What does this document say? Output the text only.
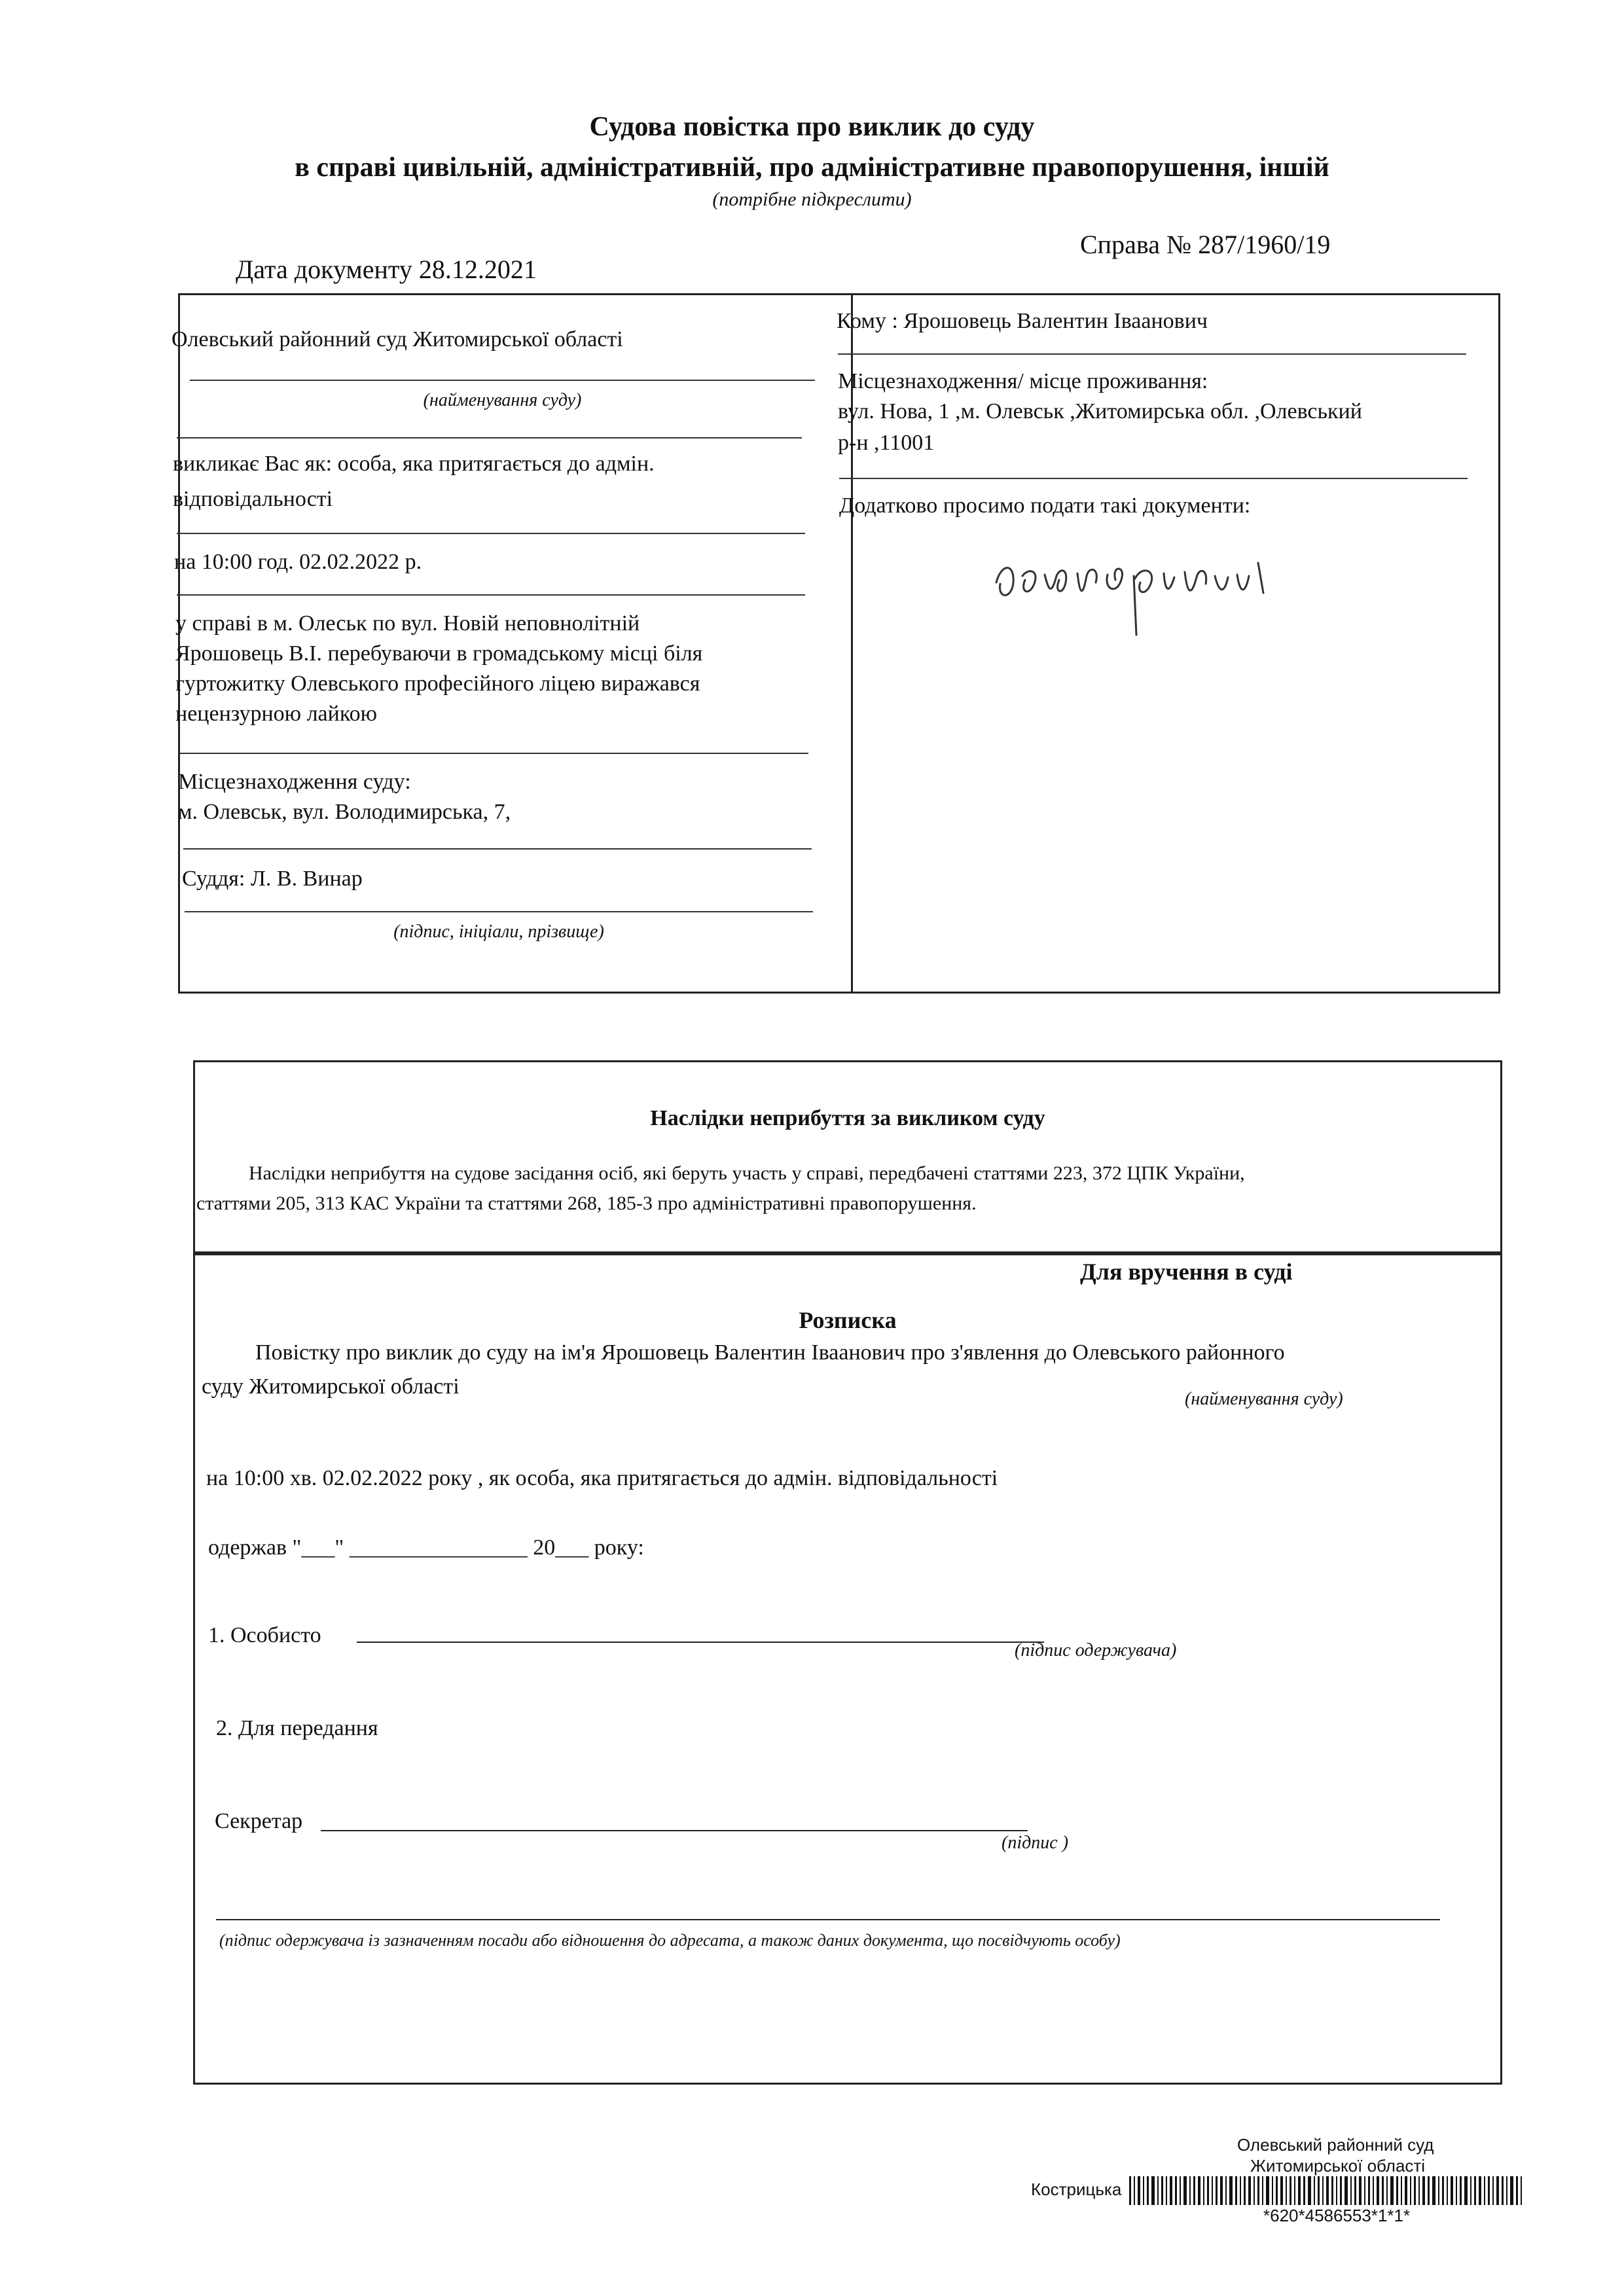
Судова повістка про виклик до суду
в справі цивільній, адміністративній, про адміністративне правопорушення, іншій
(потрібне підкреслити)
Дата документу 28.12.2021
Справа № 287/1960/19
Олевський районний суд Житомирської області
(найменування суду)
викликає Вас як: особа, яка притягається до адмін.
відповідальності
на 10:00 год. 02.02.2022 р.
у справі в м. Олеськ по вул. Новій неповнолітній
Ярошовець В.І. перебуваючи в громадському місці біля
гуртожитку Олевського професійного ліцею виражався
нецензурною лайкою
Місцезнаходження суду:
м. Олевськ, вул. Володимирська, 7,
Суддя: Л. В. Винар
(підпис, ініціали, прізвище)
Кому : Ярошовець Валентин Іваанович
Місцезнаходження/ місце проживання:
вул. Нова, 1 ,м. Олевськ ,Житомирська обл. ,Олевський
р-н ,11001
Додатково просимо подати такі документи:
Наслідки неприбуття за викликом суду
Наслідки неприбуття на судове засідання осіб, які беруть участь у справі, передбачені статтями 223, 372 ЦПК України,
статтями 205, 313 КАС України та статтями 268, 185-3 про адміністративні правопорушення.
Для вручення в суді
Розписка
Повістку про виклик до суду на ім'я Ярошовець Валентин Іваанович про з'явлення до Олевського районного
суду Житомирської області
(найменування суду)
на 10:00 хв. 02.02.2022 року , як особа, яка притягається до адмін. відповідальності
одержав "___" ________________ 20___ року:
1. Особисто
(підпис одержувача)
2. Для передання
Секретар
(підпис )
(підпис одержувача із зазначенням посади або відношення до адресата, а також даних документа, що посвідчують особу)
Олевський районний суд
Житомирської області
Кострицька
*620*4586553*1*1*
